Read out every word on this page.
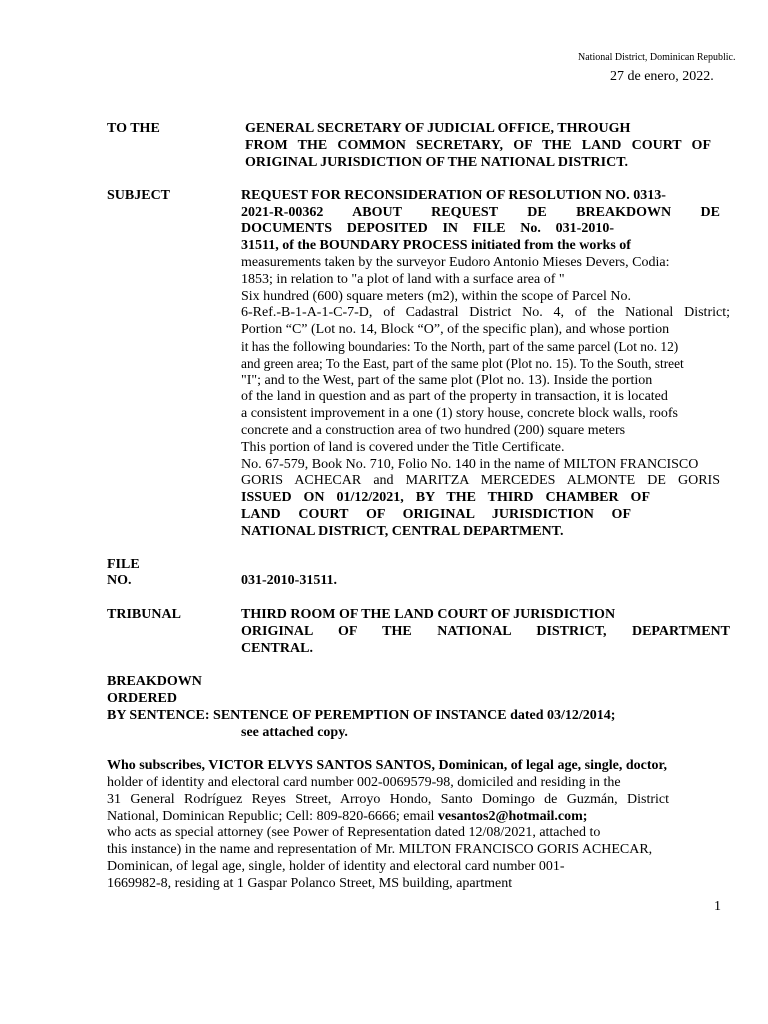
National District, Dominican Republic.
27 de enero, 2022.
TO THE	GENERAL SECRETARY OF JUDICIAL OFFICE, THROUGH
FROM THE COMMON SECRETARY, OF THE LAND COURT OF
ORIGINAL JURISDICTION OF THE NATIONAL DISTRICT.
SUBJECT	REQUEST FOR RECONSIDERATION OF RESOLUTION NO. 0313-
2021-R-00362 ABOUT REQUEST DE BREAKDOWN DE
DOCUMENTS DEPOSITED IN FILE No. 031-2010-
31511, of the BOUNDARY PROCESS initiated from the works of
measurements taken by the surveyor Eudoro Antonio Mieses Devers, Codia:
1853; in relation to "a plot of land with a surface area of "
Six hundred (600) square meters (m2), within the scope of Parcel No.
6-Ref.-B-1-A-1-C-7-D, of Cadastral District No. 4, of the National District;
Portion “C” (Lot no. 14, Block “O”, of the specific plan), and whose portion
it has the following boundaries: To the North, part of the same parcel (Lot no. 12)
and green area; To the East, part of the same plot (Plot no. 15). To the South, street
"I"; and to the West, part of the same plot (Plot no. 13). Inside the portion
of the land in question and as part of the property in transaction, it is located
a consistent improvement in a one (1) story house, concrete block walls, roofs
concrete and a construction area of two hundred (200) square meters
This portion of land is covered under the Title Certificate.
No. 67-579, Book No. 710, Folio No. 140 in the name of MILTON FRANCISCO
GORIS ACHECAR and MARITZA MERCEDES ALMONTE DE GORIS
ISSUED ON 01/12/2021, BY THE THIRD CHAMBER OF
LAND COURT OF ORIGINAL JURISDICTION OF
NATIONAL DISTRICT, CENTRAL DEPARTMENT.
FILE
NO.	031-2010-31511.
TRIBUNAL	THIRD ROOM OF THE LAND COURT OF JURISDICTION
ORIGINAL OF THE NATIONAL DISTRICT, DEPARTMENT
CENTRAL.
BREAKDOWN
ORDERED
BY SENTENCE: SENTENCE OF PEREMPTION OF INSTANCE dated 03/12/2014;
see attached copy.
Who subscribes, VICTOR ELVYS SANTOS SANTOS, Dominican, of legal age, single, doctor,
holder of identity and electoral card number 002-0069579-98, domiciled and residing in the
31 General Rodríguez Reyes Street, Arroyo Hondo, Santo Domingo de Guzmán, District
National, Dominican Republic; Cell: 809-820-6666; email vesantos2@hotmail.com;
who acts as special attorney (see Power of Representation dated 12/08/2021, attached to
this instance) in the name and representation of Mr. MILTON FRANCISCO GORIS ACHECAR,
Dominican, of legal age, single, holder of identity and electoral card number 001-
1669982-8, residing at 1 Gaspar Polanco Street, MS building, apartment
1
